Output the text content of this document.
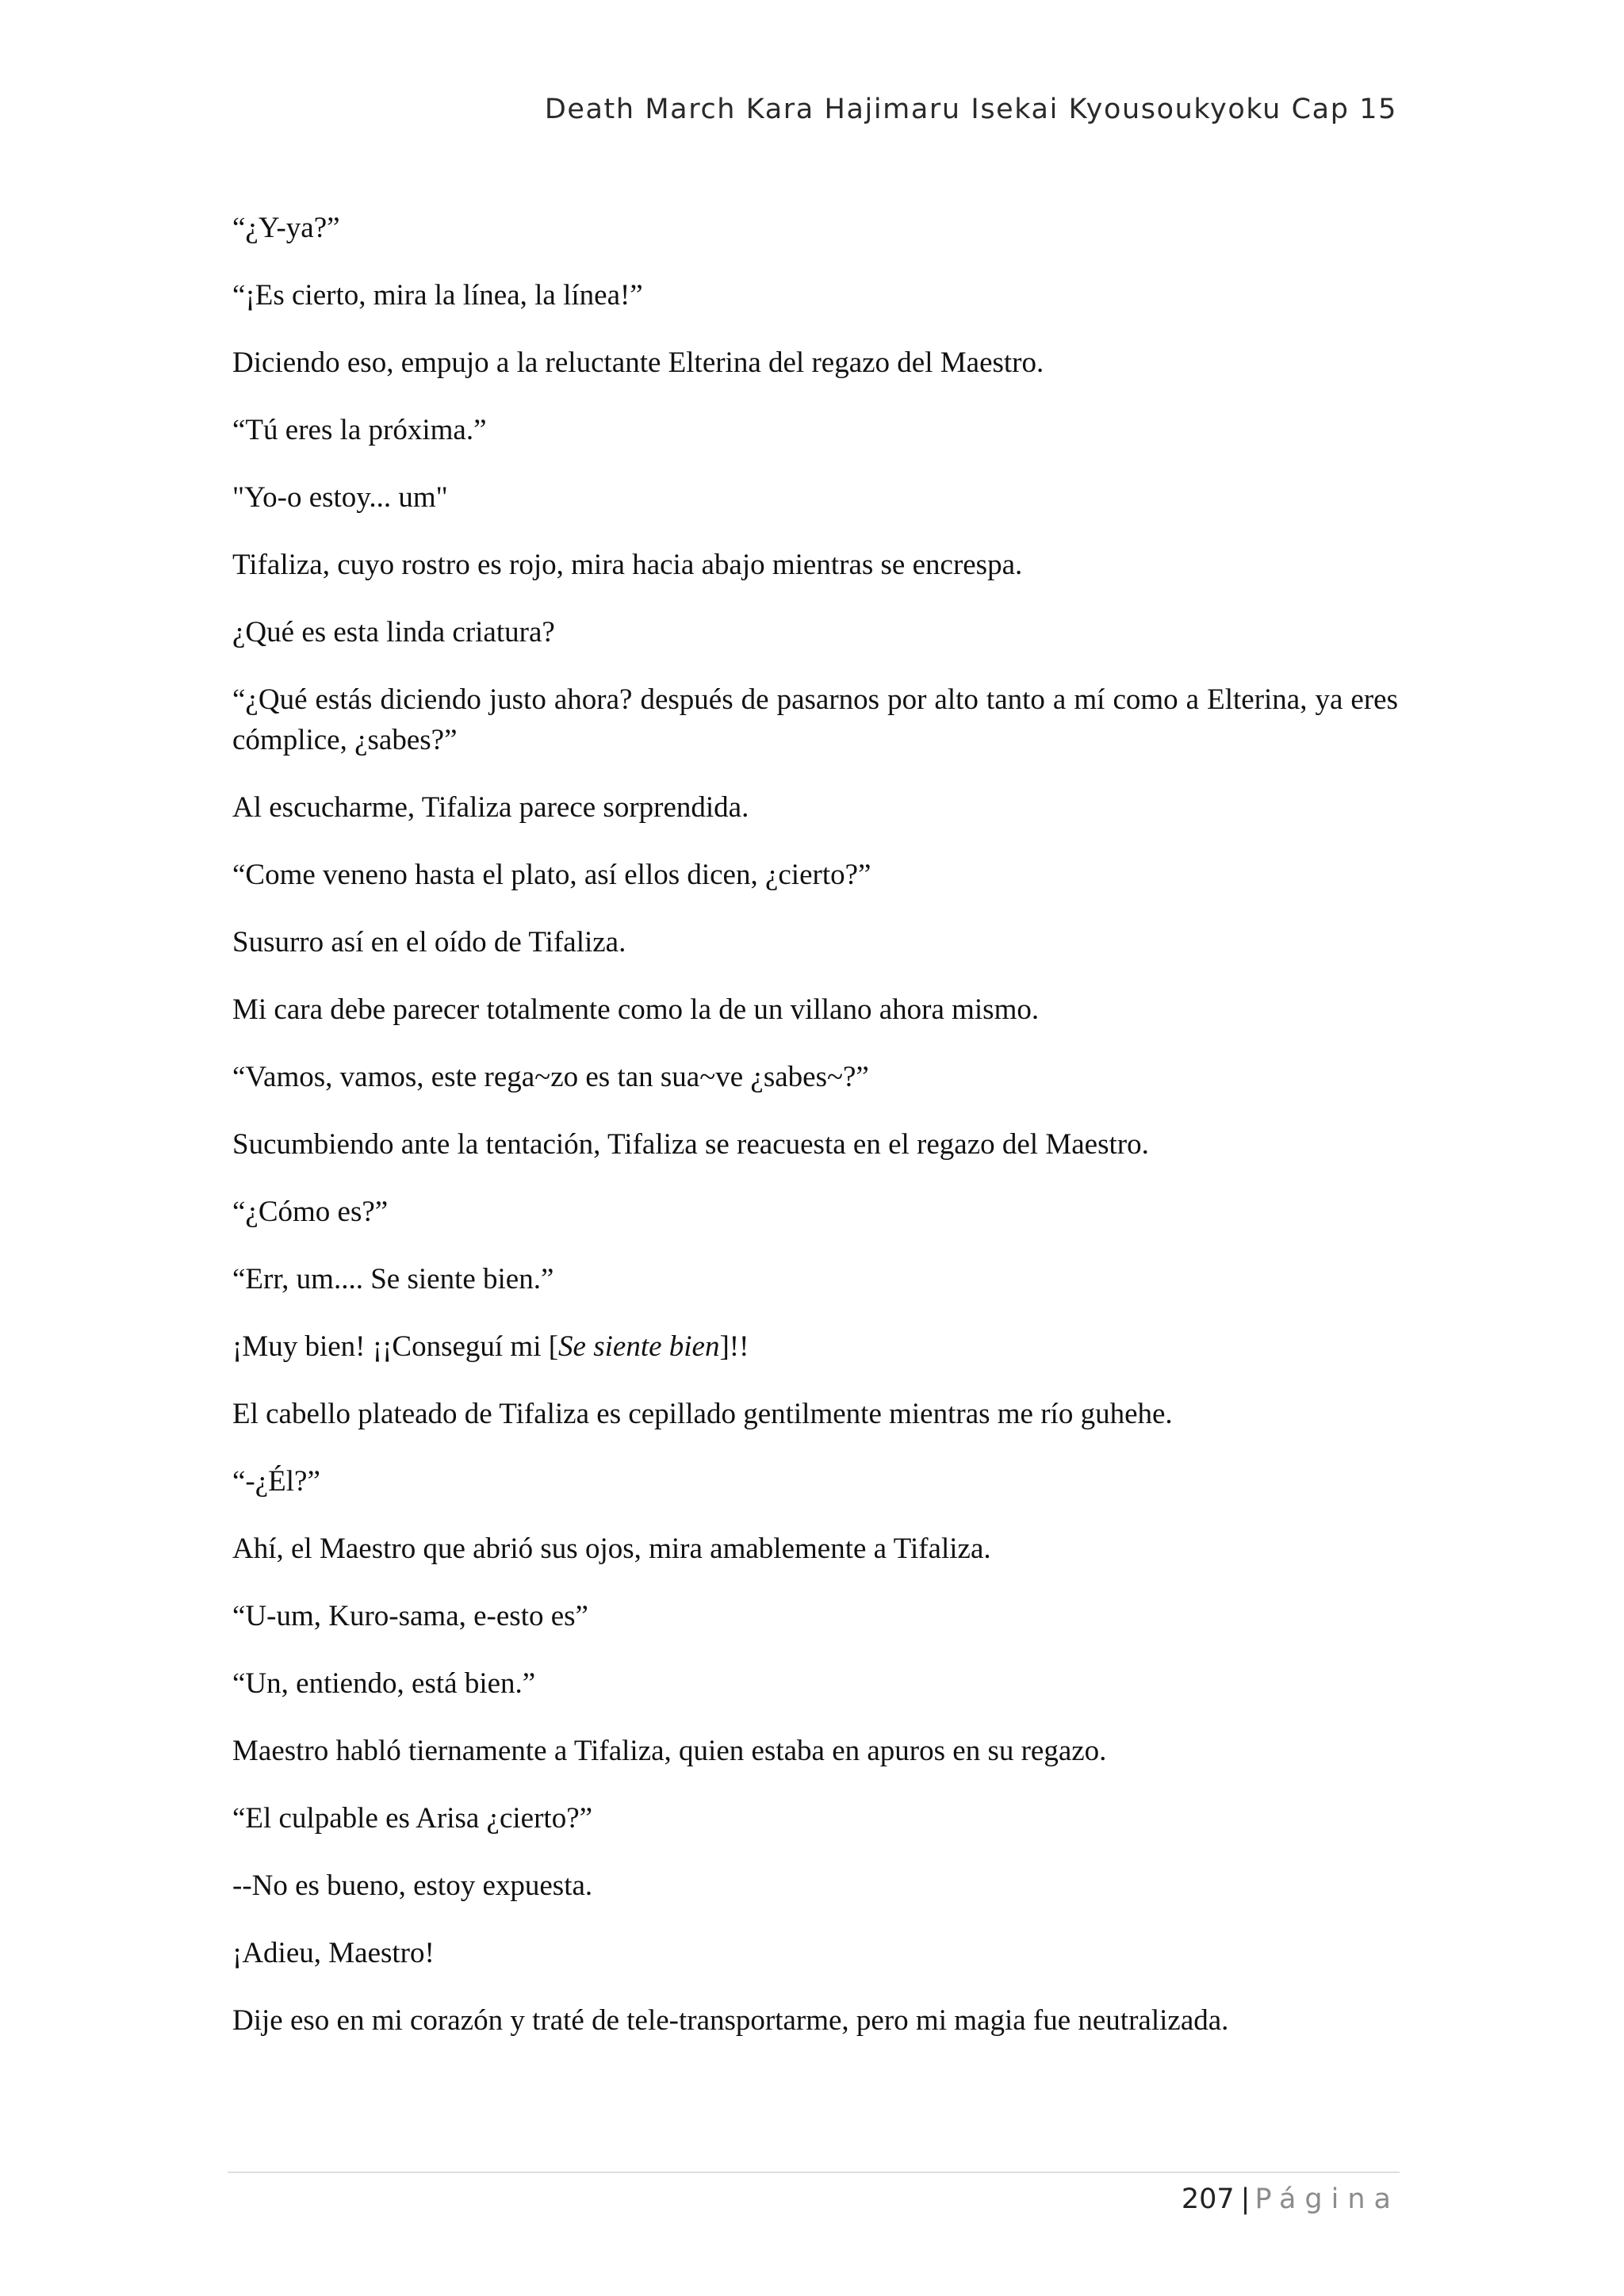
Death March Kara Hajimaru Isekai Kyousoukyoku Cap 15

“¿Y-ya?”

“¡Es cierto, mira la línea, la línea!”

Diciendo eso, empujo a la reluctante Elterina del regazo del Maestro.

“Tú eres la próxima.”

"Yo-o estoy... um"

Tifaliza, cuyo rostro es rojo, mira hacia abajo mientras se encrespa.

¿Qué es esta linda criatura?

“¿Qué estás diciendo justo ahora? después de pasarnos por alto tanto a mí como a Elterina, ya eres cómplice, ¿sabes?”

Al escucharme, Tifaliza parece sorprendida.

“Come veneno hasta el plato, así ellos dicen, ¿cierto?”

Susurro así en el oído de Tifaliza.

Mi cara debe parecer totalmente como la de un villano ahora mismo.

“Vamos, vamos, este rega~zo es tan sua~ve ¿sabes~?”

Sucumbiendo ante la tentación, Tifaliza se reacuesta en el regazo del Maestro.

“¿Cómo es?”

“Err, um.... Se siente bien.”

¡Muy bien! ¡¡Conseguí mi [Se siente bien]!!

El cabello plateado de Tifaliza es cepillado gentilmente mientras me río guhehe.

“-¿Él?”

Ahí, el Maestro que abrió sus ojos, mira amablemente a Tifaliza.

“U-um, Kuro-sama, e-esto es”

“Un, entiendo, está bien.”

Maestro habló tiernamente a Tifaliza, quien estaba en apuros en su regazo.

“El culpable es Arisa ¿cierto?”

--No es bueno, estoy expuesta.

¡Adieu, Maestro!

Dije eso en mi corazón y traté de tele-transportarme, pero mi magia fue neutralizada.

207 | Página
